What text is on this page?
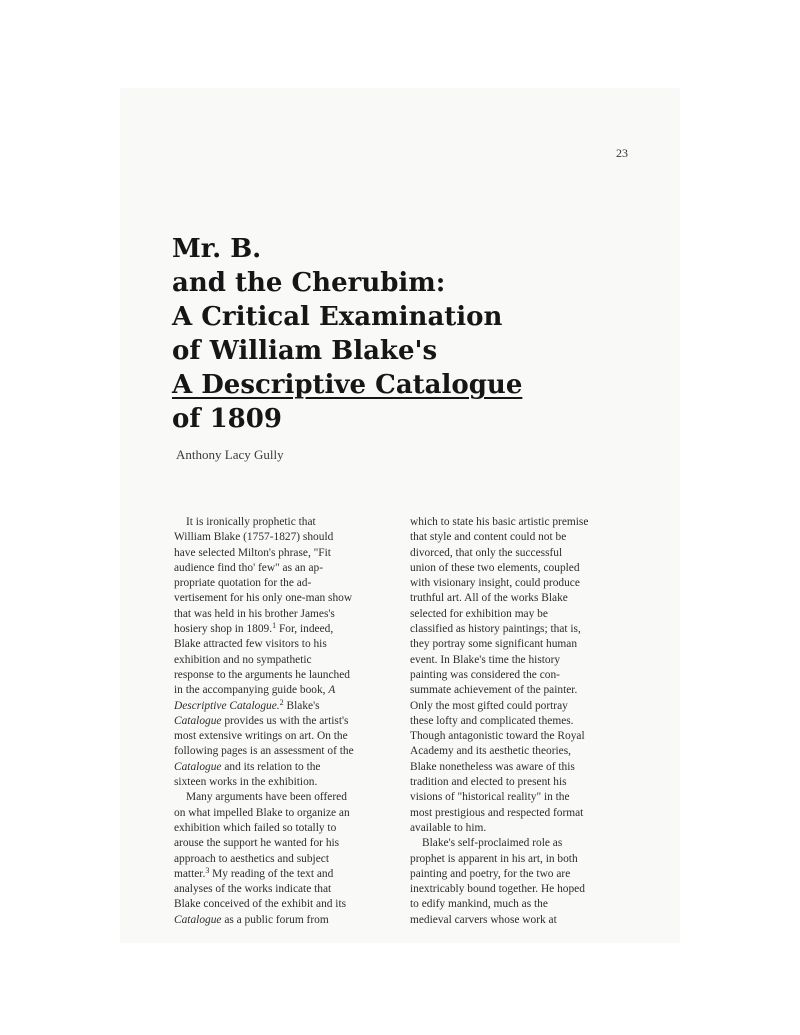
23
Mr. B.
and the Cherubim:
A Critical Examination
of William Blake's
A Descriptive Catalogue
of 1809
Anthony Lacy Gully
It is ironically prophetic that
William Blake (1757-1827) should
have selected Milton's phrase, "Fit
audience find tho' few" as an ap-
propriate quotation for the ad-
vertisement for his only one-man show
that was held in his brother James's
hosiery shop in 1809.$^1$ For, indeed,
Blake attracted few visitors to his
exhibition and no sympathetic
response to the arguments he launched
in the accompanying guide book, A
Descriptive Catalogue.$^2$ Blake's
Catalogue provides us with the artist's
most extensive writings on art. On the
following pages is an assessment of the
Catalogue and its relation to the
sixteen works in the exhibition.
Many arguments have been offered
on what impelled Blake to organize an
exhibition which failed so totally to
arouse the support he wanted for his
approach to aesthetics and subject
matter.$^3$ My reading of the text and
analyses of the works indicate that
Blake conceived of the exhibit and its
Catalogue as a public forum from
which to state his basic artistic premise
that style and content could not be
divorced, that only the successful
union of these two elements, coupled
with visionary insight, could produce
truthful art. All of the works Blake
selected for exhibition may be
classified as history paintings; that is,
they portray some significant human
event. In Blake's time the history
painting was considered the con-
summate achievement of the painter.
Only the most gifted could portray
these lofty and complicated themes.
Though antagonistic toward the Royal
Academy and its aesthetic theories,
Blake nonetheless was aware of this
tradition and elected to present his
visions of "historical reality" in the
most prestigious and respected format
available to him.
Blake's self-proclaimed role as
prophet is apparent in his art, in both
painting and poetry, for the two are
inextricably bound together. He hoped
to edify mankind, much as the
medieval carvers whose work at
